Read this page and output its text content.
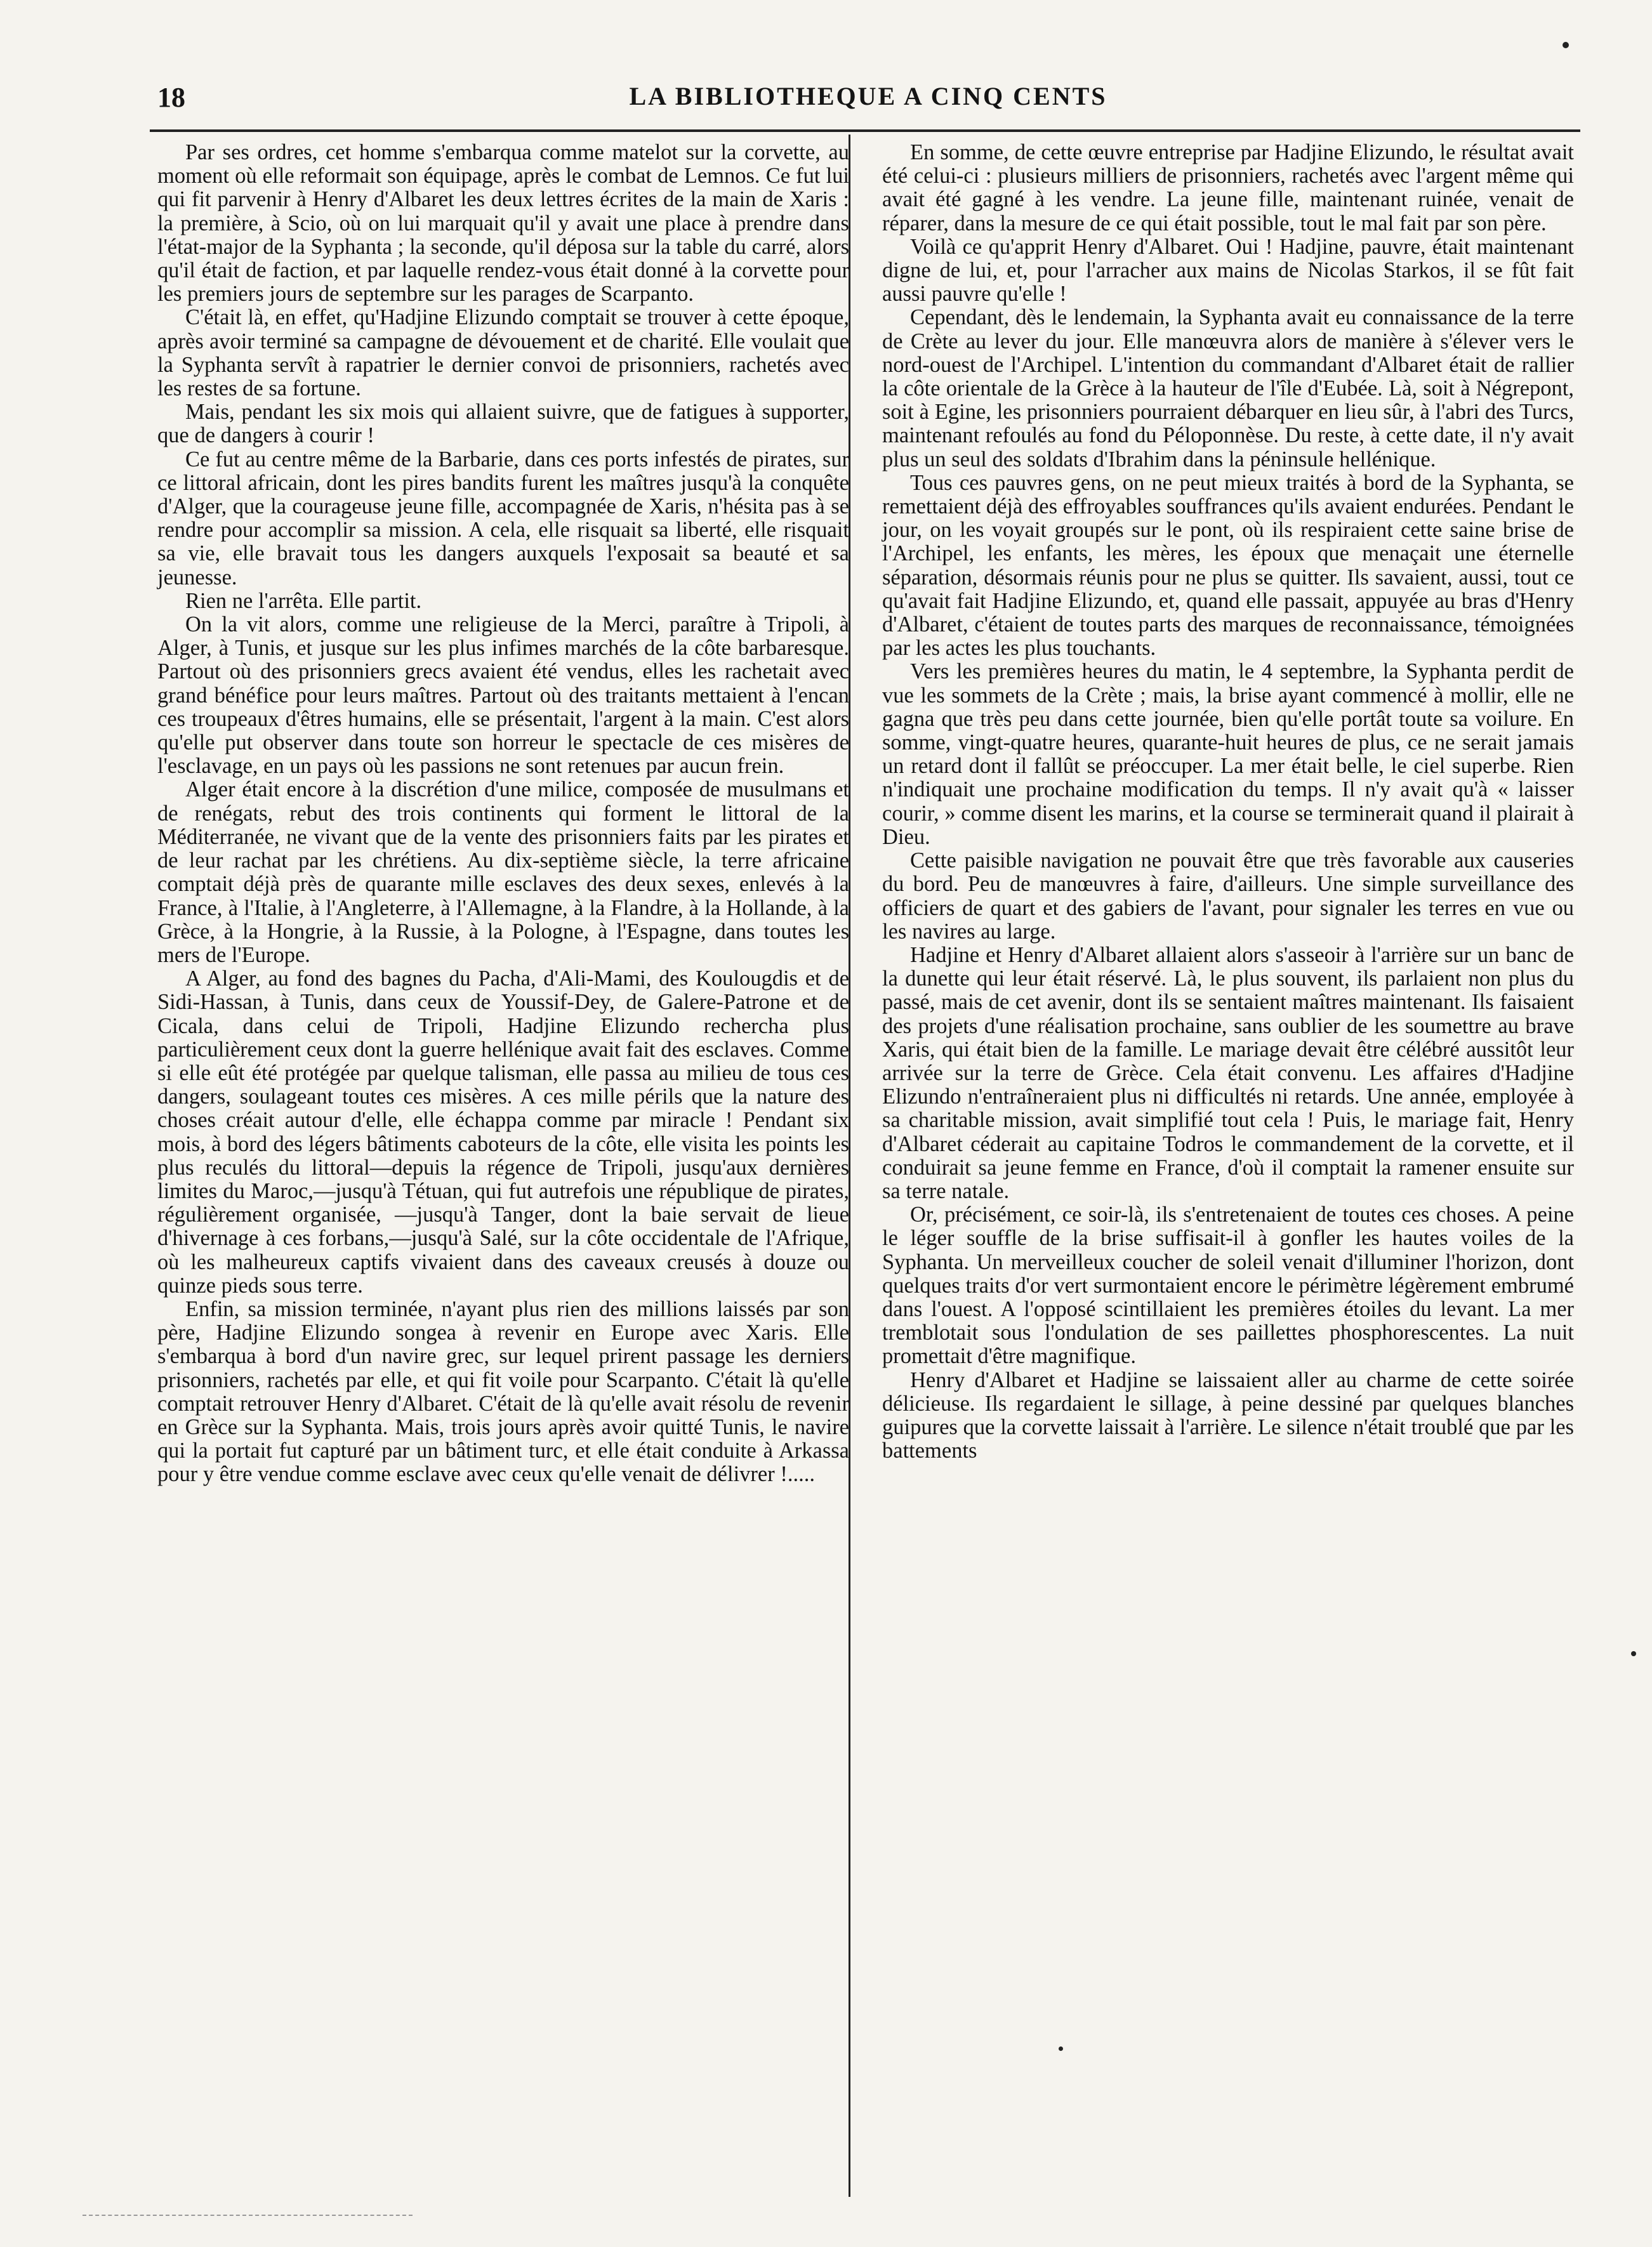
18	LA BIBLIOTHEQUE A CINQ CENTS

Par ses ordres, cet homme s'embarqua comme matelot sur la corvette, au moment où elle reformait son équipage, après le combat de Lemnos. Ce fut lui qui fit parvenir à Henry d'Albaret les deux lettres écrites de la main de Xaris : la première, à Scio, où on lui marquait qu'il y avait une place à prendre dans l'état-major de la Syphanta ; la seconde, qu'il déposa sur la table du carré, alors qu'il était de faction, et par laquelle rendez-vous était donné à la corvette pour les premiers jours de septembre sur les parages de Scarpanto.

C'était là, en effet, qu'Hadjine Elizundo comptait se trouver à cette époque, après avoir terminé sa campagne de dévouement et de charité. Elle voulait que la Syphanta servît à rapatrier le dernier convoi de prisonniers, rachetés avec les restes de sa fortune.

Mais, pendant les six mois qui allaient suivre, que de fatigues à supporter, que de dangers à courir !

Ce fut au centre même de la Barbarie, dans ces ports infestés de pirates, sur ce littoral africain, dont les pires bandits furent les maîtres jusqu'à la conquête d'Alger, que la courageuse jeune fille, accompagnée de Xaris, n'hésita pas à se rendre pour accomplir sa mission. A cela, elle risquait sa liberté, elle risquait sa vie, elle bravait tous les dangers auxquels l'exposait sa beauté et sa jeunesse.

Rien ne l'arrêta. Elle partit.

On la vit alors, comme une religieuse de la Merci, paraître à Tripoli, à Alger, à Tunis, et jusque sur les plus infimes marchés de la côte barbaresque. Partout où des prisonniers grecs avaient été vendus, elles les rachetait avec grand bénéfice pour leurs maîtres. Partout où des traitants mettaient à l'encan ces troupeaux d'êtres humains, elle se présentait, l'argent à la main. C'est alors qu'elle put observer dans toute son horreur le spectacle de ces misères de l'esclavage, en un pays où les passions ne sont retenues par aucun frein.

Alger était encore à la discrétion d'une milice, composée de musulmans et de renégats, rebut des trois continents qui forment le littoral de la Méditerranée, ne vivant que de la vente des prisonniers faits par les pirates et de leur rachat par les chrétiens. Au dix-septième siècle, la terre africaine comptait déjà près de quarante mille esclaves des deux sexes, enlevés à la France, à l'Italie, à l'Angleterre, à l'Allemagne, à la Flandre, à la Hollande, à la Grèce, à la Hongrie, à la Russie, à la Pologne, à l'Espagne, dans toutes les mers de l'Europe.

A Alger, au fond des bagnes du Pacha, d'Ali-Mami, des Koulougdis et de Sidi-Hassan, à Tunis, dans ceux de Youssif-Dey, de Galere-Patrone et de Cicala, dans celui de Tripoli, Hadjine Elizundo rechercha plus particulièrement ceux dont la guerre hellénique avait fait des esclaves. Comme si elle eût été protégée par quelque talisman, elle passa au milieu de tous ces dangers, soulageant toutes ces misères. A ces mille périls que la nature des choses créait autour d'elle, elle échappa comme par miracle ! Pendant six mois, à bord des légers bâtiments caboteurs de la côte, elle visita les points les plus reculés du littoral—depuis la régence de Tripoli, jusqu'aux dernières limites du Maroc,—jusqu'à Tétuan, qui fut autrefois une république de pirates, régulièrement organisée, —jusqu'à Tanger, dont la baie servait de lieue d'hivernage à ces forbans,—jusqu'à Salé, sur la côte occidentale de l'Afrique, où les malheureux captifs vivaient dans des caveaux creusés à douze ou quinze pieds sous terre.

Enfin, sa mission terminée, n'ayant plus rien des millions laissés par son père, Hadjine Elizundo songea à revenir en Europe avec Xaris. Elle s'embarqua à bord d'un navire grec, sur lequel prirent passage les derniers prisonniers, rachetés par elle, et qui fit voile pour Scarpanto. C'était là qu'elle comptait retrouver Henry d'Albaret. C'était de là qu'elle avait résolu de revenir en Grèce sur la Syphanta. Mais, trois jours après avoir quitté Tunis, le navire qui la portait fut capturé par un bâtiment turc, et elle était conduite à Arkassa pour y être vendue comme esclave avec ceux qu'elle venait de délivrer !.....

En somme, de cette œuvre entreprise par Hadjine Elizundo, le résultat avait été celui-ci : plusieurs milliers de prisonniers, rachetés avec l'argent même qui avait été gagné à les vendre. La jeune fille, maintenant ruinée, venait de réparer, dans la mesure de ce qui était possible, tout le mal fait par son père.

Voilà ce qu'apprit Henry d'Albaret. Oui ! Hadjine, pauvre, était maintenant digne de lui, et, pour l'arracher aux mains de Nicolas Starkos, il se fût fait aussi pauvre qu'elle !

Cependant, dès le lendemain, la Syphanta avait eu connaissance de la terre de Crète au lever du jour. Elle manœuvra alors de manière à s'élever vers le nord-ouest de l'Archipel. L'intention du commandant d'Albaret était de rallier la côte orientale de la Grèce à la hauteur de l'île d'Eubée. Là, soit à Négrepont, soit à Egine, les prisonniers pourraient débarquer en lieu sûr, à l'abri des Turcs, maintenant refoulés au fond du Péloponnèse. Du reste, à cette date, il n'y avait plus un seul des soldats d'Ibrahim dans la péninsule hellénique.

Tous ces pauvres gens, on ne peut mieux traités à bord de la Syphanta, se remettaient déjà des effroyables souffrances qu'ils avaient endurées. Pendant le jour, on les voyait groupés sur le pont, où ils respiraient cette saine brise de l'Archipel, les enfants, les mères, les époux que menaçait une éternelle séparation, désormais réunis pour ne plus se quitter. Ils savaient, aussi, tout ce qu'avait fait Hadjine Elizundo, et, quand elle passait, appuyée au bras d'Henry d'Albaret, c'étaient de toutes parts des marques de reconnaissance, témoignées par les actes les plus touchants.

Vers les premières heures du matin, le 4 septembre, la Syphanta perdit de vue les sommets de la Crète ; mais, la brise ayant commencé à mollir, elle ne gagna que très peu dans cette journée, bien qu'elle portât toute sa voilure. En somme, vingt-quatre heures, quarante-huit heures de plus, ce ne serait jamais un retard dont il fallût se préoccuper. La mer était belle, le ciel superbe. Rien n'indiquait une prochaine modification du temps. Il n'y avait qu'à « laisser courir, » comme disent les marins, et la course se terminerait quand il plairait à Dieu.

Cette paisible navigation ne pouvait être que très favorable aux causeries du bord. Peu de manœuvres à faire, d'ailleurs. Une simple surveillance des officiers de quart et des gabiers de l'avant, pour signaler les terres en vue ou les navires au large.

Hadjine et Henry d'Albaret allaient alors s'asseoir à l'arrière sur un banc de la dunette qui leur était réservé. Là, le plus souvent, ils parlaient non plus du passé, mais de cet avenir, dont ils se sentaient maîtres maintenant. Ils faisaient des projets d'une réalisation prochaine, sans oublier de les soumettre au brave Xaris, qui était bien de la famille. Le mariage devait être célébré aussitôt leur arrivée sur la terre de Grèce. Cela était convenu. Les affaires d'Hadjine Elizundo n'entraîneraient plus ni difficultés ni retards. Une année, employée à sa charitable mission, avait simplifié tout cela ! Puis, le mariage fait, Henry d'Albaret céderait au capitaine Todros le commandement de la corvette, et il conduirait sa jeune femme en France, d'où il comptait la ramener ensuite sur sa terre natale.

Or, précisément, ce soir-là, ils s'entretenaient de toutes ces choses. A peine le léger souffle de la brise suffisait-il à gonfler les hautes voiles de la Syphanta. Un merveilleux coucher de soleil venait d'illuminer l'horizon, dont quelques traits d'or vert surmontaient encore le périmètre légèrement embrumé dans l'ouest. A l'opposé scintillaient les premières étoiles du levant. La mer tremblotait sous l'ondulation de ses paillettes phosphorescentes. La nuit promettait d'être magnifique.

Henry d'Albaret et Hadjine se laissaient aller au charme de cette soirée délicieuse. Ils regardaient le sillage, à peine dessiné par quelques blanches guipures que la corvette laissait à l'arrière. Le silence n'était troublé que par les battements
